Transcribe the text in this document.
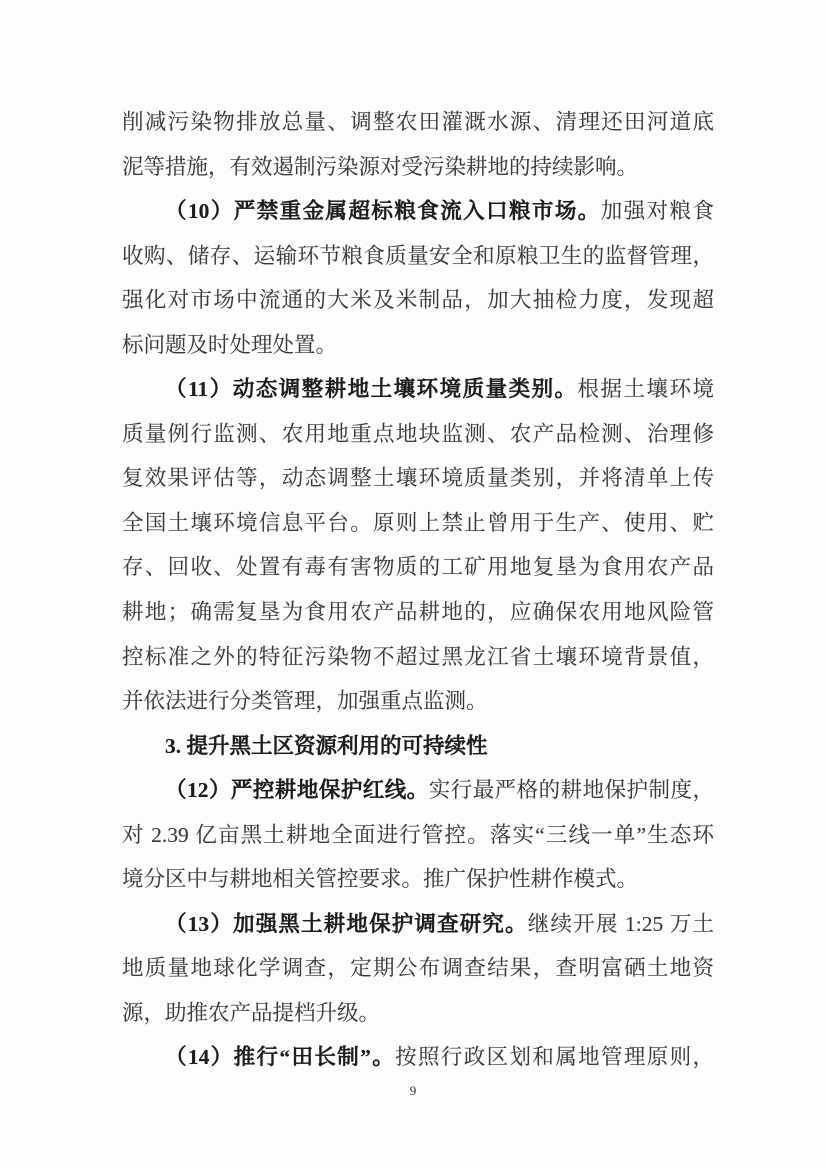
削减污染物排放总量、调整农田灌溉水源、清理还田河道底
泥等措施，有效遏制污染源对受污染耕地的持续影响。
（10）严禁重金属超标粮食流入口粮市场。加强对粮食
收购、储存、运输环节粮食质量安全和原粮卫生的监督管理，
强化对市场中流通的大米及米制品，加大抽检力度，发现超
标问题及时处理处置。
（11）动态调整耕地土壤环境质量类别。根据土壤环境
质量例行监测、农用地重点地块监测、农产品检测、治理修
复效果评估等，动态调整土壤环境质量类别，并将清单上传
全国土壤环境信息平台。原则上禁止曾用于生产、使用、贮
存、回收、处置有毒有害物质的工矿用地复垦为食用农产品
耕地；确需复垦为食用农产品耕地的，应确保农用地风险管
控标准之外的特征污染物不超过黑龙江省土壤环境背景值，
并依法进行分类管理，加强重点监测。
3. 提升黑土区资源利用的可持续性
（12）严控耕地保护红线。实行最严格的耕地保护制度，
对 2.39 亿亩黑土耕地全面进行管控。落实“三线一单”生态环
境分区中与耕地相关管控要求。推广保护性耕作模式。
（13）加强黑土耕地保护调查研究。继续开展 1:25 万土
地质量地球化学调查，定期公布调查结果，查明富硒土地资
源，助推农产品提档升级。
（14）推行“田长制”。按照行政区划和属地管理原则，
9
